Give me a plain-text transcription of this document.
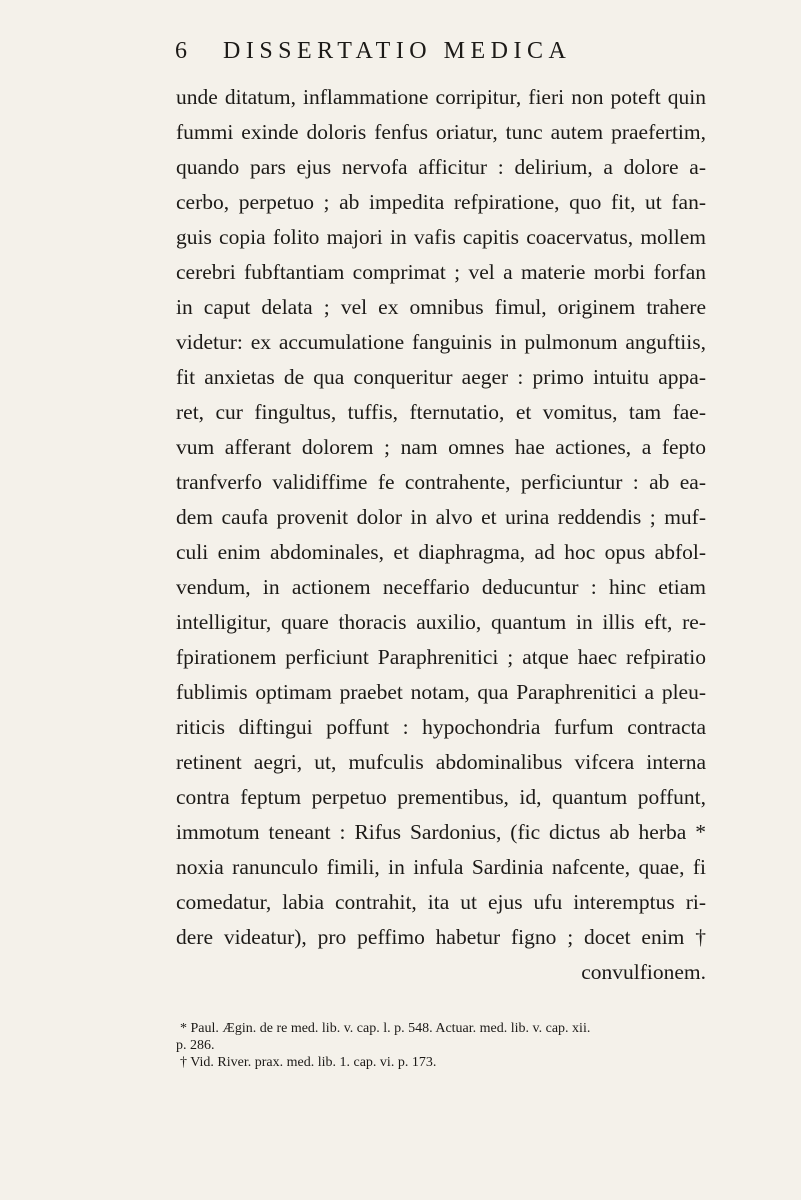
6 DISSERTATIO MEDICA
unde ditatum, inflammatione corripitur, fieri non poteft quin
fummi exinde doloris fenfus oriatur, tunc autem praefertim,
quando pars ejus nervofa afficitur : delirium, a dolore a-
cerbo, perpetuo ; ab impedita refpiratione, quo fit, ut fan-
guis copia folito majori in vafis capitis coacervatus, mollem
cerebri fubftantiam comprimat ; vel a materie morbi forfan
in caput delata ; vel ex omnibus fimul, originem trahere
videtur: ex accumulatione fanguinis in pulmonum anguftiis,
fit anxietas de qua conqueritur aeger : primo intuitu appa-
ret, cur fingultus, tuffis, fternutatio, et vomitus, tam fae-
vum afferant dolorem ; nam omnes hae actiones, a fepto
tranfverfo validiffime fe contrahente, perficiuntur : ab ea-
dem caufa provenit dolor in alvo et urina reddendis ; muf-
culi enim abdominales, et diaphragma, ad hoc opus abfol-
vendum, in actionem neceffario deducuntur : hinc etiam
intelligitur, quare thoracis auxilio, quantum in illis eft, re-
fpirationem perficiunt Paraphrenitici ; atque haec refpiratio
fublimis optimam praebet notam, qua Paraphrenitici a pleu-
riticis diftingui poffunt : hypochondria furfum contracta
retinent aegri, ut, mufculis abdominalibus vifcera interna
contra feptum perpetuo prementibus, id, quantum poffunt,
immotum teneant : Rifus Sardonius, (fic dictus ab herba *
noxia ranunculo fimili, in infula Sardinia nafcente, quae, fi
comedatur, labia contrahit, ita ut ejus ufu interemptus ri-
dere videatur), pro peffimo habetur figno ; docet enim †
convulfionem.

* Paul. Ægin. de re med. lib. v. cap. l. p. 548. Actuar. med. lib. v. cap. xii.

p. 286.

† Vid. River. prax. med. lib. 1. cap. vi. p. 173.
